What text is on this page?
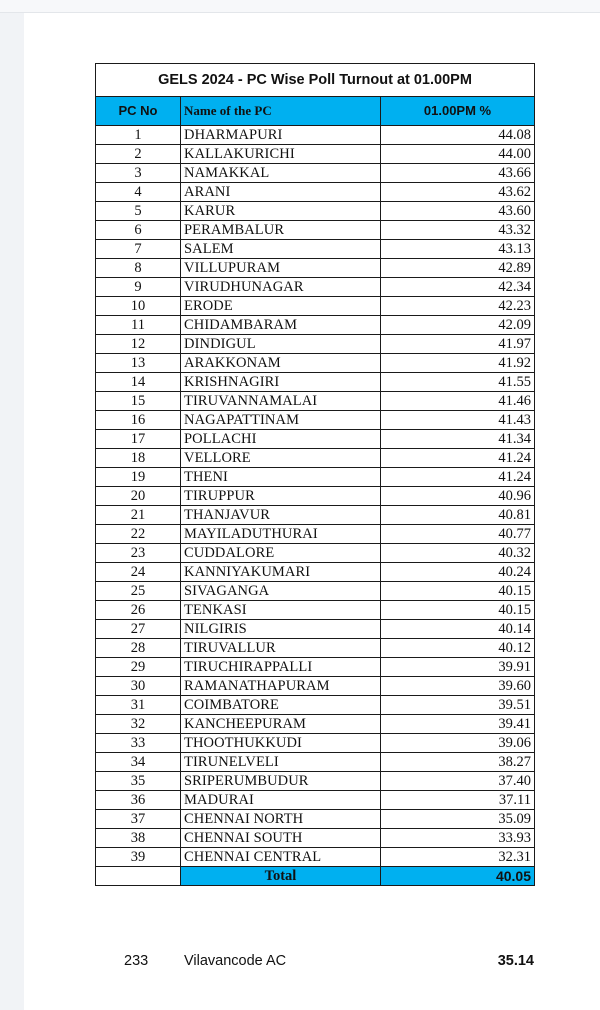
GELS 2024 - PC Wise Poll Turnout at 01.00PM		
PC No	Name of the PC	01.00PM %
1	DHARMAPURI	44.08
2	KALLAKURICHI	44.00
3	NAMAKKAL	43.66
4	ARANI	43.62
5	KARUR	43.60
6	PERAMBALUR	43.32
7	SALEM	43.13
8	VILLUPURAM	42.89
9	VIRUDHUNAGAR	42.34
10	ERODE	42.23
11	CHIDAMBARAM	42.09
12	DINDIGUL	41.97
13	ARAKKONAM	41.92
14	KRISHNAGIRI	41.55
15	TIRUVANNAMALAI	41.46
16	NAGAPATTINAM	41.43
17	POLLACHI	41.34
18	VELLORE	41.24
19	THENI	41.24
20	TIRUPPUR	40.96
21	THANJAVUR	40.81
22	MAYILADUTHURAI	40.77
23	CUDDALORE	40.32
24	KANNIYAKUMARI	40.24
25	SIVAGANGA	40.15
26	TENKASI	40.15
27	NILGIRIS	40.14
28	TIRUVALLUR	40.12
29	TIRUCHIRAPPALLI	39.91
30	RAMANATHAPURAM	39.60
31	COIMBATORE	39.51
32	KANCHEEPURAM	39.41
33	THOOTHUKKUDI	39.06
34	TIRUNELVELI	38.27
35	SRIPERUMBUDUR	37.40
36	MADURAI	37.11
37	CHENNAI NORTH	35.09
38	CHENNAI SOUTH	33.93
39	CHENNAI CENTRAL	32.31
	Total	40.05
233 Vilavancode AC	35.14
